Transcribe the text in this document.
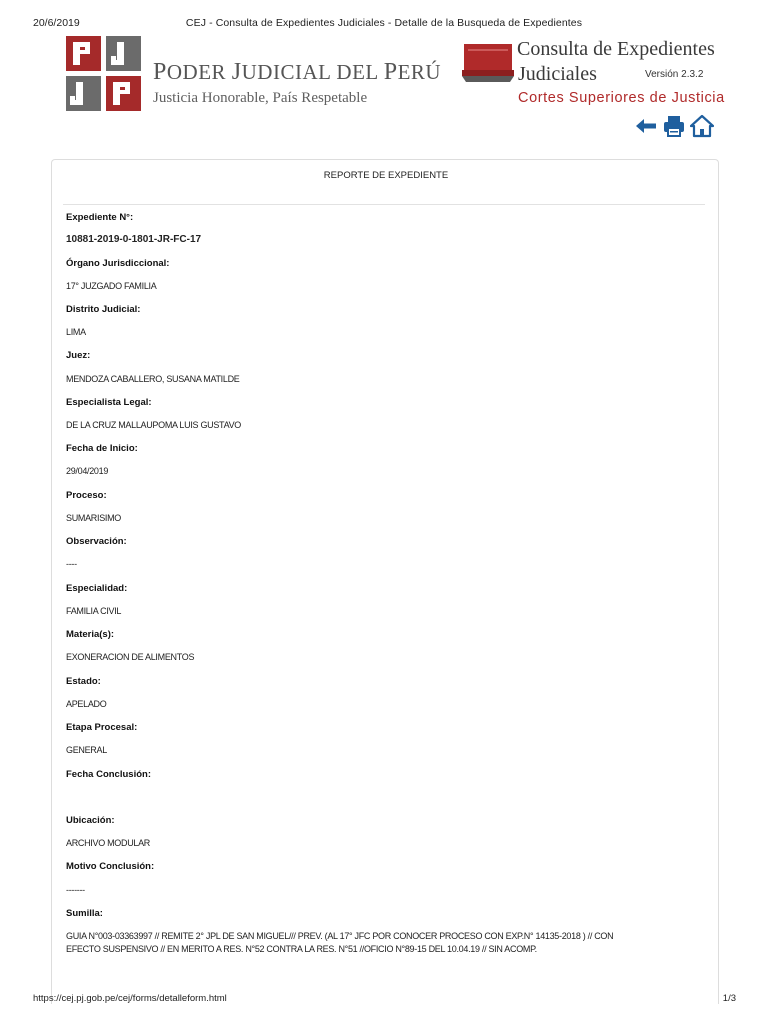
20/6/2019	CEJ - Consulta de Expedientes Judiciales - Detalle de la Busqueda de Expedientes
PODER JUDICIAL DEL PERÚ
Justicia Honorable, País Respetable
Consulta de Expedientes
Judiciales	Versión 2.3.2
Cortes Superiores de Justicia
REPORTE DE EXPEDIENTE
Expediente N°:
10881-2019-0-1801-JR-FC-17
Órgano Jurisdiccional:
17° JUZGADO FAMILIA
Distrito Judicial:
LIMA
Juez:
MENDOZA CABALLERO, SUSANA MATILDE
Especialista Legal:
DE LA CRUZ MALLAUPOMA LUIS GUSTAVO
Fecha de Inicio:
29/04/2019
Proceso:
SUMARISIMO
Observación:
----
Especialidad:
FAMILIA CIVIL
Materia(s):
EXONERACION DE ALIMENTOS
Estado:
APELADO
Etapa Procesal:
GENERAL
Fecha Conclusión:
Ubicación:
ARCHIVO MODULAR
Motivo Conclusión:
-------
Sumilla:
GUIA N°003-03363997 // REMITE 2° JPL DE SAN MIGUEL/// PREV. (AL 17° JFC POR CONOCER PROCESO CON EXP.N° 14135-2018 ) // CON EFECTO SUSPENSIVO // EN MERITO A RES. N°52 CONTRA LA RES. N°51 //OFICIO N°89-15 DEL 10.04.19 // SIN ACOMP.
https://cej.pj.gob.pe/cej/forms/detalleform.html	1/3
